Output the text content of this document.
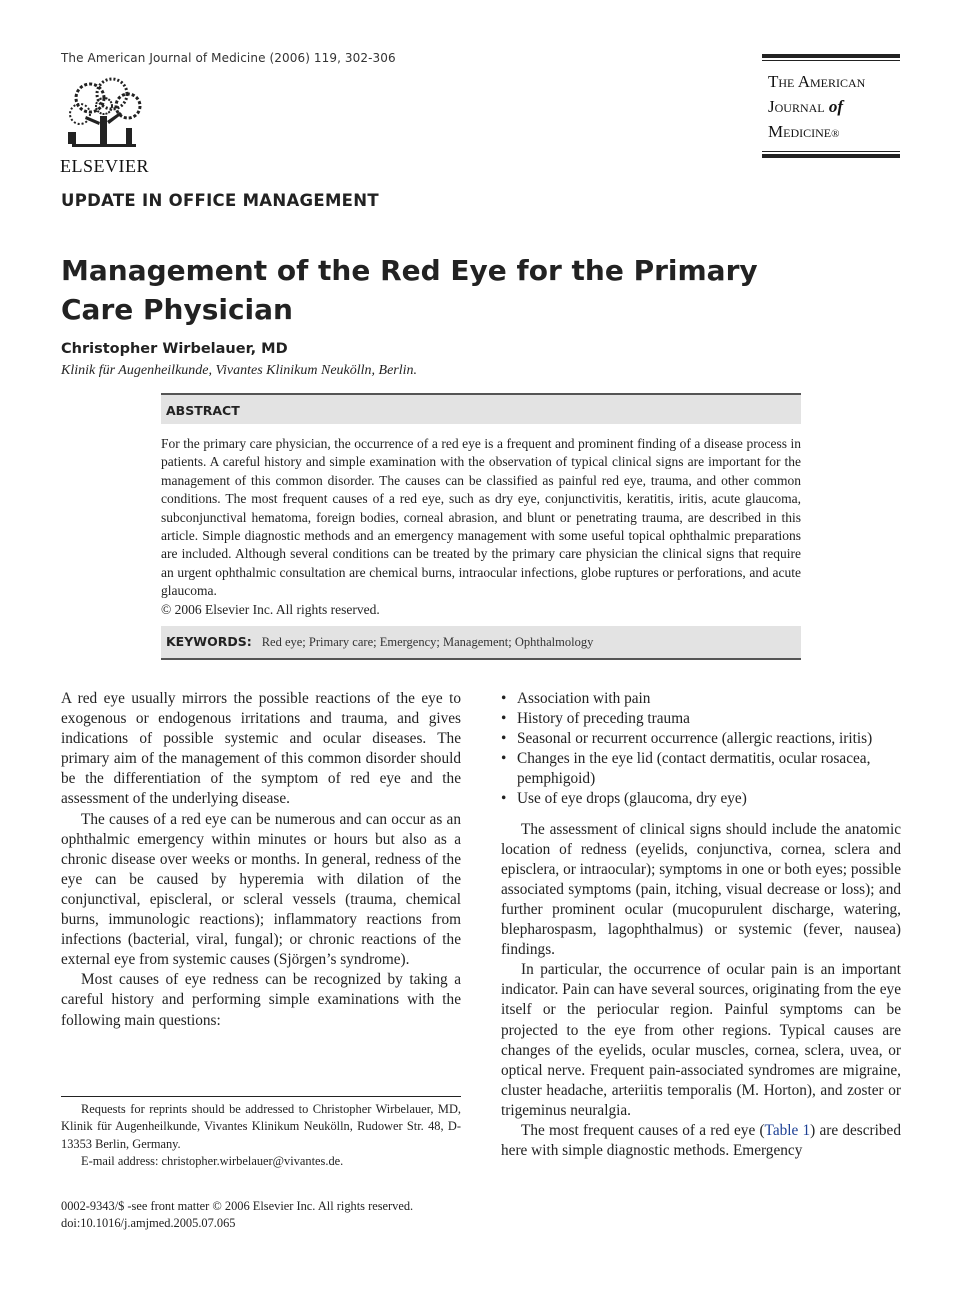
The American Journal of Medicine (2006) 119, 302-306
ELSEVIER
The American
Journal of
Medicine®
UPDATE IN OFFICE MANAGEMENT
Management of the Red Eye for the Primary Care Physician
Christopher Wirbelauer, MD
Klinik für Augenheilkunde, Vivantes Klinikum Neukölln, Berlin.
ABSTRACT

For the primary care physician, the occurrence of a red eye is a frequent and prominent finding of a disease process in patients. A careful history and simple examination with the observation of typical clinical signs are important for the management of this common disorder. The causes can be classified as painful red eye, trauma, and other common conditions. The most frequent causes of a red eye, such as dry eye, conjunctivitis, keratitis, iritis, acute glaucoma, subconjunctival hematoma, foreign bodies, corneal abrasion, and blunt or penetrating trauma, are described in this article. Simple diagnostic methods and an emergency management with some useful topical ophthalmic preparations are included. Although several conditions can be treated by the primary care physician the clinical signs that require an urgent ophthalmic consultation are chemical burns, intraocular infections, globe ruptures or perforations, and acute glaucoma.

© 2006 Elsevier Inc. All rights reserved.
KEYWORDS: Red eye; Primary care; Emergency; Management; Ophthalmology

A red eye usually mirrors the possible reactions of the eye to exogenous or endogenous irritations and trauma, and gives indications of possible systemic and ocular diseases. The primary aim of the management of this common disorder should be the differentiation of the symptom of red eye and the assessment of the underlying disease.

The causes of a red eye can be numerous and can occur as an ophthalmic emergency within minutes or hours but also as a chronic disease over weeks or months. In general, redness of the eye can be caused by hyperemia with dilation of the conjunctival, episcleral, or scleral vessels (trauma, chemical burns, immunologic reactions); inflammatory reactions from infections (bacterial, viral, fungal); or chronic reactions of the external eye from systemic causes (Sjörgen’s syndrome).

Most causes of eye redness can be recognized by taking a careful history and performing simple examinations with the following main questions:

• Association with pain
• History of preceding trauma
• Seasonal or recurrent occurrence (allergic reactions, iritis)
• Changes in the eye lid (contact dermatitis, ocular rosacea, pemphigoid)
• Use of eye drops (glaucoma, dry eye)

The assessment of clinical signs should include the anatomic location of redness (eyelids, conjunctiva, cornea, sclera and episclera, or intraocular); symptoms in one or both eyes; possible associated symptoms (pain, itching, visual decrease or loss); and further prominent ocular (mucopurulent discharge, watering, blepharospasm, lagophthalmus) or systemic (fever, nausea) findings.

In particular, the occurrence of ocular pain is an important indicator. Pain can have several sources, originating from the eye itself or the periocular region. Painful symptoms can be projected to the eye from other regions. Typical causes are changes of the eyelids, ocular muscles, cornea, sclera, uvea, or optical nerve. Frequent pain-associated syndromes are migraine, cluster headache, arteriitis temporalis (M. Horton), and zoster or trigeminus neuralgia.

The most frequent causes of a red eye (Table 1) are described here with simple diagnostic methods. Emergency

Requests for reprints should be addressed to Christopher Wirbelauer, MD, Klinik für Augenheilkunde, Vivantes Klinikum Neukölln, Rudower Str. 48, D-13353 Berlin, Germany.

E-mail address: christopher.wirbelauer@vivantes.de.

0002-9343/$ -see front matter © 2006 Elsevier Inc. All rights reserved.
doi:10.1016/j.amjmed.2005.07.065
